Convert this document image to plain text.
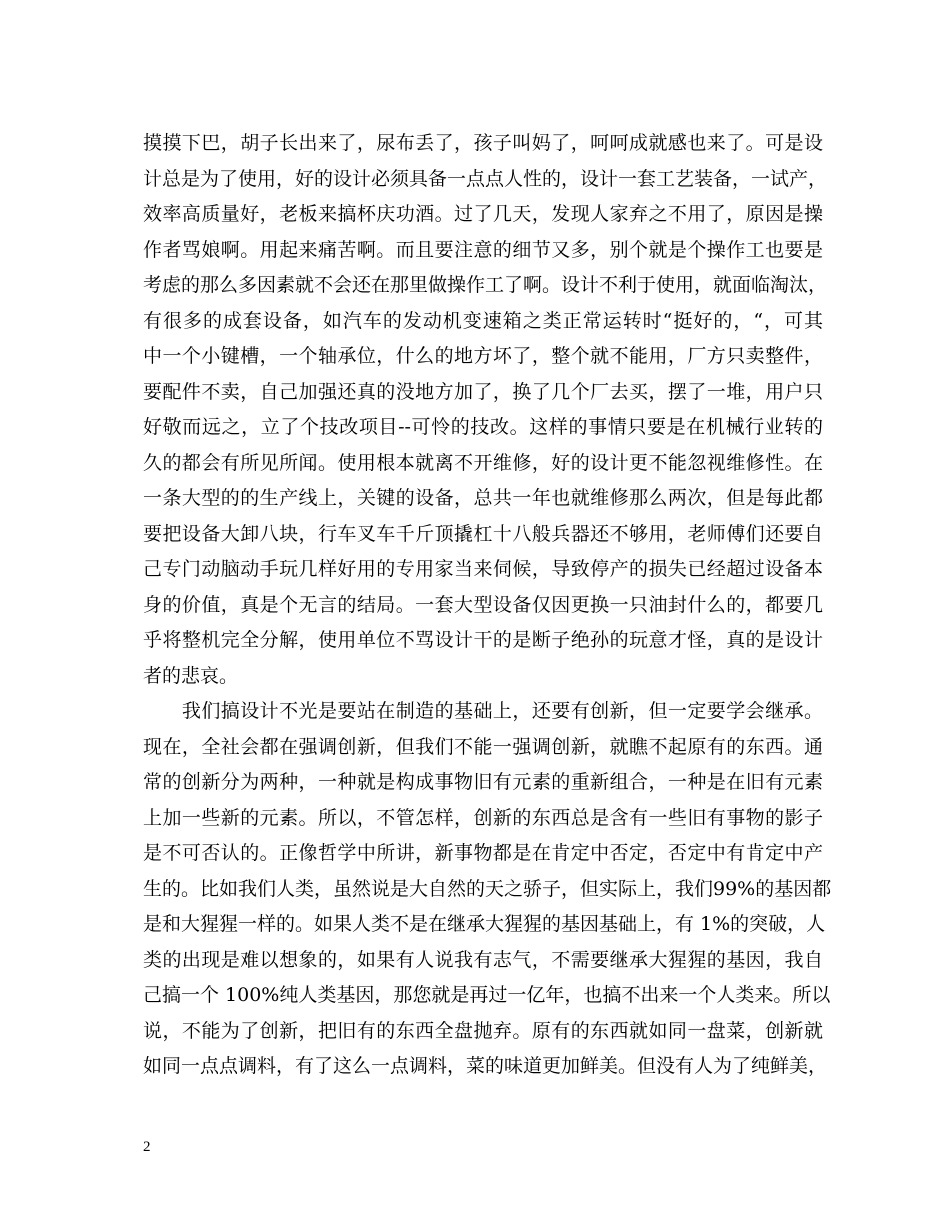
摸摸下巴，胡子长出来了，尿布丢了，孩子叫妈了，呵呵成就感也来了。可是设
计总是为了使用，好的设计必须具备一点点人性的，设计一套工艺装备，一试产，
效率高质量好，老板来搞杯庆功酒。过了几天，发现人家弃之不用了，原因是操
作者骂娘啊。用起来痛苦啊。而且要注意的细节又多，别个就是个操作工也要是
考虑的那么多因素就不会还在那里做操作工了啊。设计不利于使用，就面临淘汰，
有很多的成套设备，如汽车的发动机变速箱之类正常运转时“挺好的，“，可其
中一个小键槽，一个轴承位，什么的地方坏了，整个就不能用，厂方只卖整件，
要配件不卖，自己加强还真的没地方加了，换了几个厂去买，摆了一堆，用户只
好敬而远之，立了个技改项目--可怜的技改。这样的事情只要是在机械行业转的
久的都会有所见所闻。使用根本就离不开维修，好的设计更不能忽视维修性。在
一条大型的的生产线上，关键的设备，总共一年也就维修那么两次，但是每此都
要把设备大卸八块，行车叉车千斤顶撬杠十八般兵器还不够用，老师傅们还要自
己专门动脑动手玩几样好用的专用家当来伺候，导致停产的损失已经超过设备本
身的价值，真是个无言的结局。一套大型设备仅因更换一只油封什么的，都要几
乎将整机完全分解，使用单位不骂设计干的是断子绝孙的玩意才怪，真的是设计
者的悲哀。
　　我们搞设计不光是要站在制造的基础上，还要有创新，但一定要学会继承。
现在，全社会都在强调创新，但我们不能一强调创新，就瞧不起原有的东西。通
常的创新分为两种，一种就是构成事物旧有元素的重新组合，一种是在旧有元素
上加一些新的元素。所以，不管怎样，创新的东西总是含有一些旧有事物的影子
是不可否认的。正像哲学中所讲，新事物都是在肯定中否定，否定中有肯定中产
生的。比如我们人类，虽然说是大自然的天之骄子，但实际上，我们99%的基因都
是和大猩猩一样的。如果人类不是在继承大猩猩的基因基础上，有 1%的突破，人
类的出现是难以想象的，如果有人说我有志气，不需要继承大猩猩的基因，我自
己搞一个 100%纯人类基因，那您就是再过一亿年，也搞不出来一个人类来。所以
说，不能为了创新，把旧有的东西全盘抛弃。原有的东西就如同一盘菜，创新就
如同一点点调料，有了这么一点调料，菜的味道更加鲜美。但没有人为了纯鲜美，
2
